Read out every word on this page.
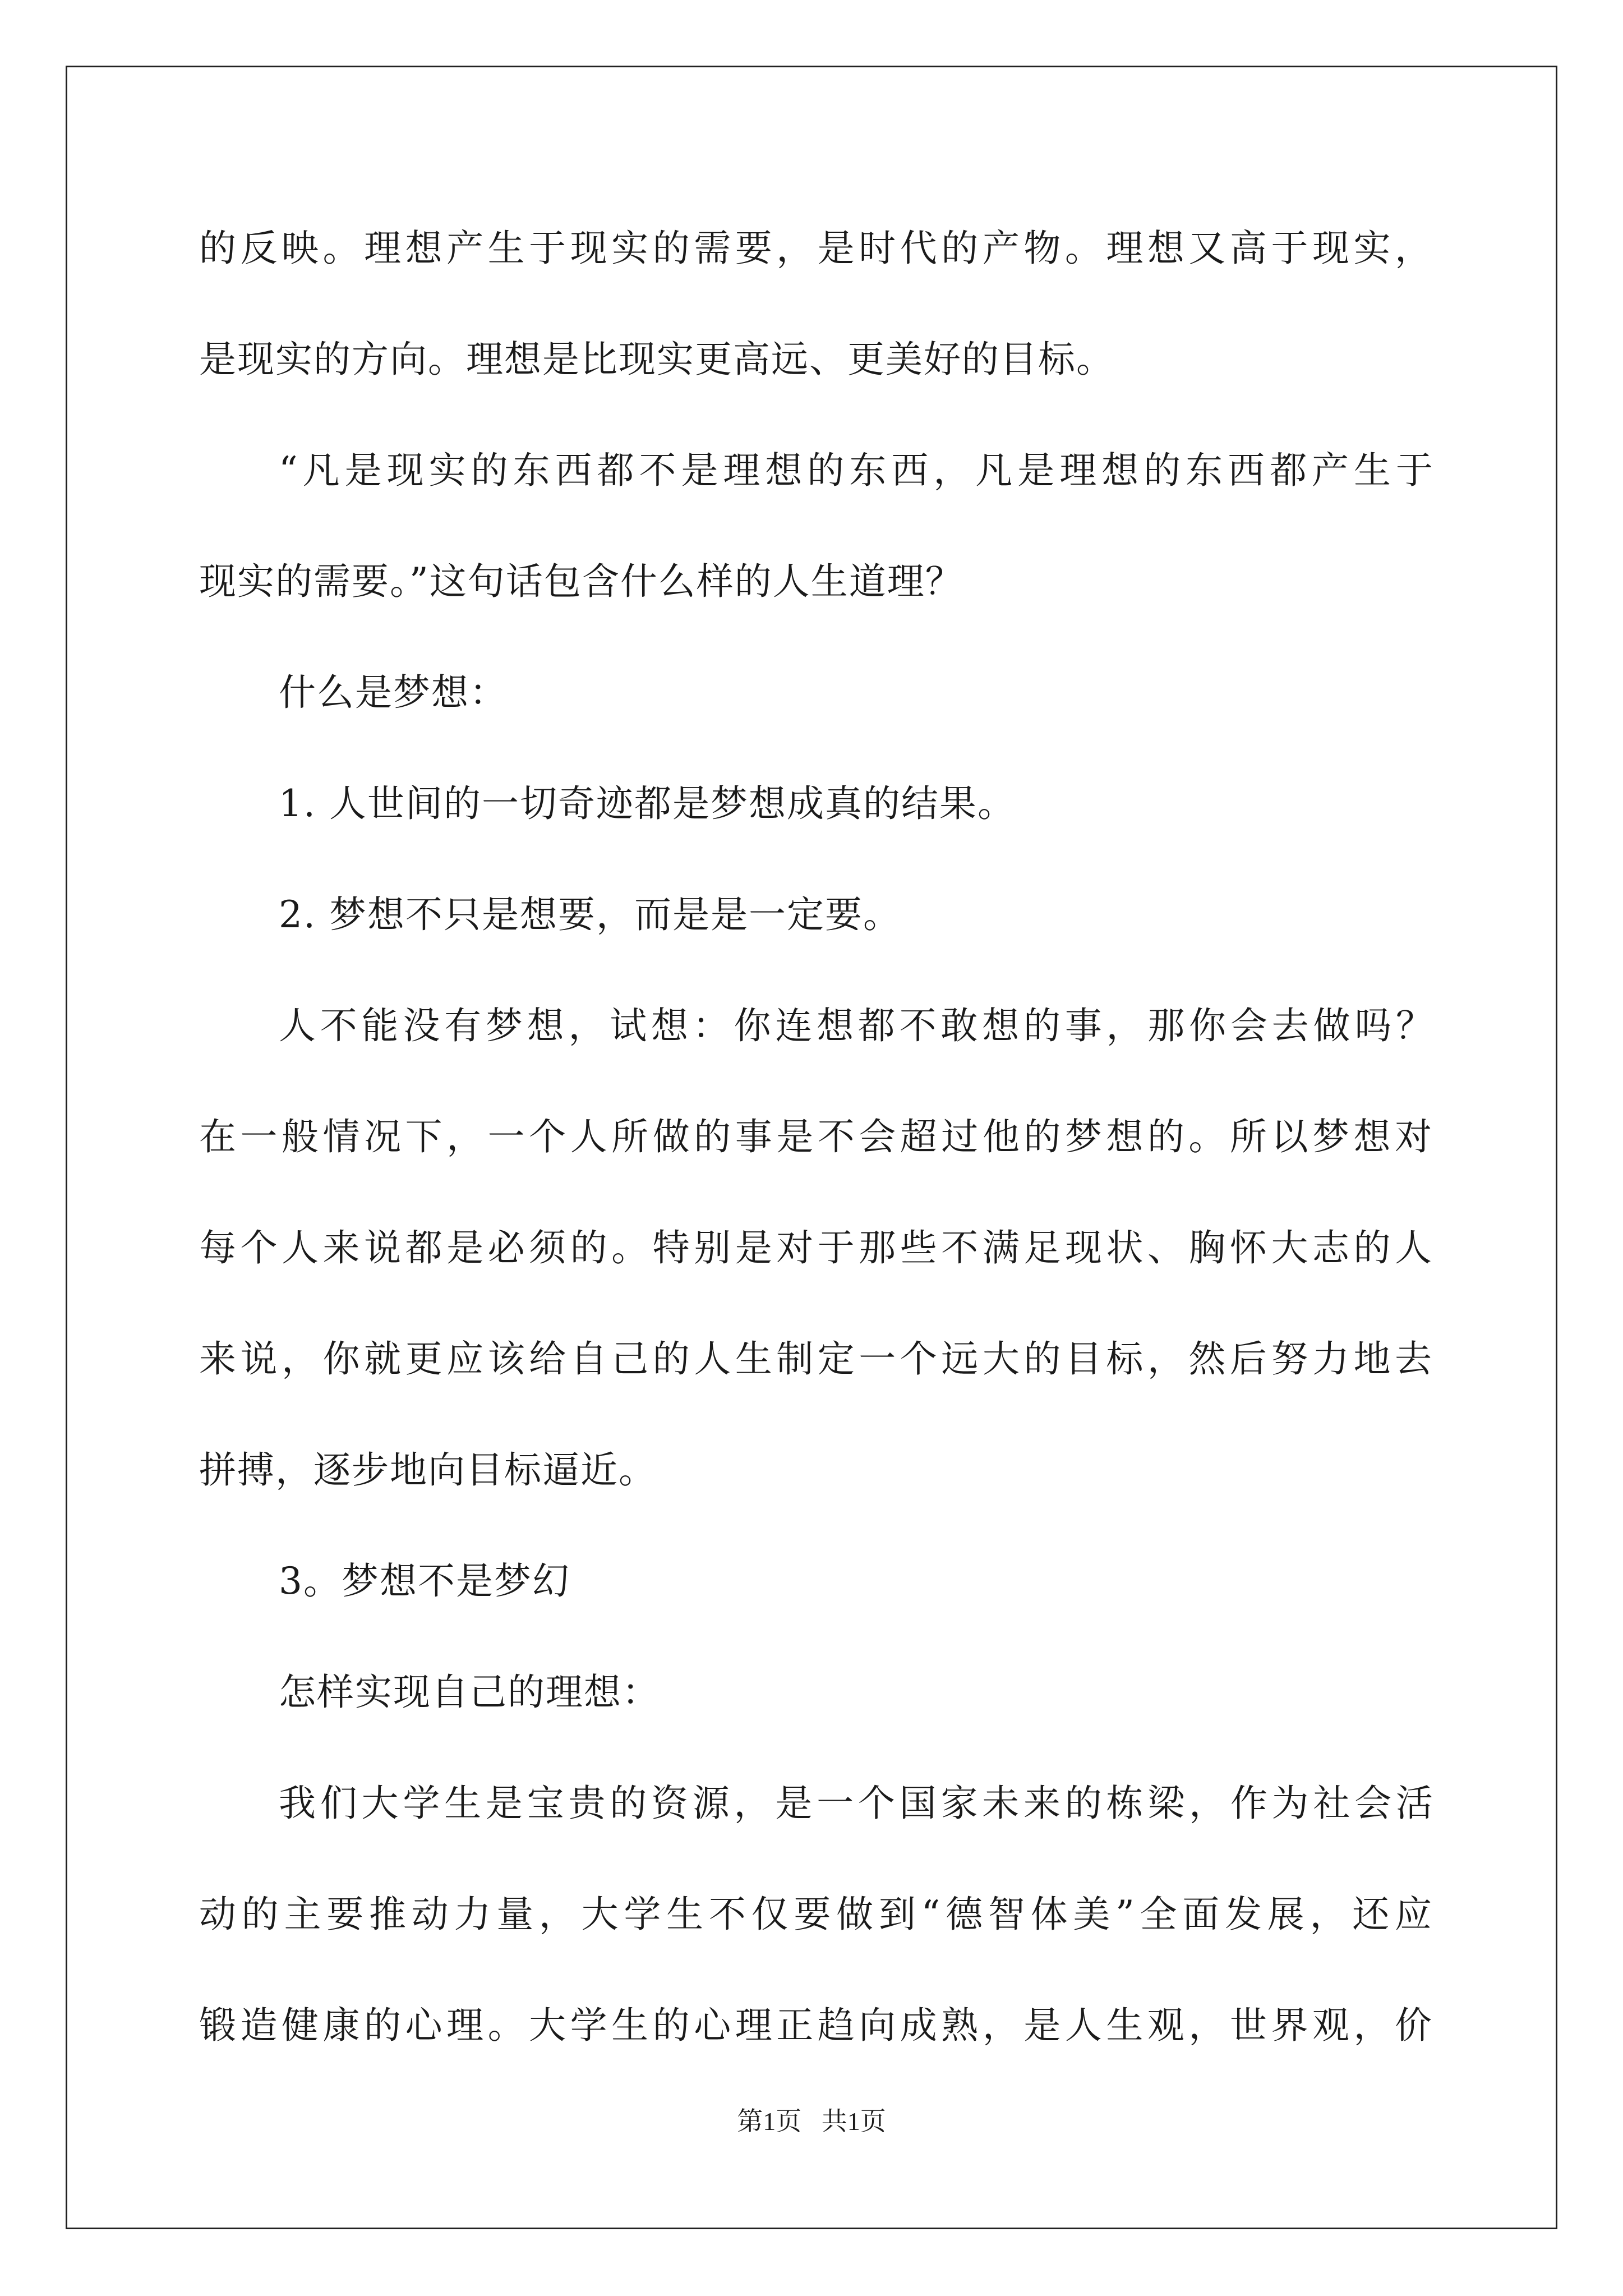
的反映。理想产生于现实的需要，是时代的产物。理想又高于现实，
是现实的方向。理想是比现实更高远、更美好的目标。
“凡是现实的东西都不是理想的东西，凡是理想的东西都产生于
现实的需要。”这句话包含什么样的人生道理？
什么是梦想：
1. 人世间的一切奇迹都是梦想成真的结果。
2. 梦想不只是想要，而是是一定要。
人不能没有梦想，试想：你连想都不敢想的事，那你会去做吗？
在一般情况下，一个人所做的事是不会超过他的梦想的。所以梦想对
每个人来说都是必须的。特别是对于那些不满足现状、胸怀大志的人
来说，你就更应该给自己的人生制定一个远大的目标，然后努力地去
拼搏，逐步地向目标逼近。
3。梦想不是梦幻
怎样实现自己的理想：
我们大学生是宝贵的资源，是一个国家未来的栋梁，作为社会活
动的主要推动力量，大学生不仅要做到“德智体美”全面发展，还应
锻造健康的心理。大学生的心理正趋向成熟，是人生观，世界观，价
第1页 共1页
